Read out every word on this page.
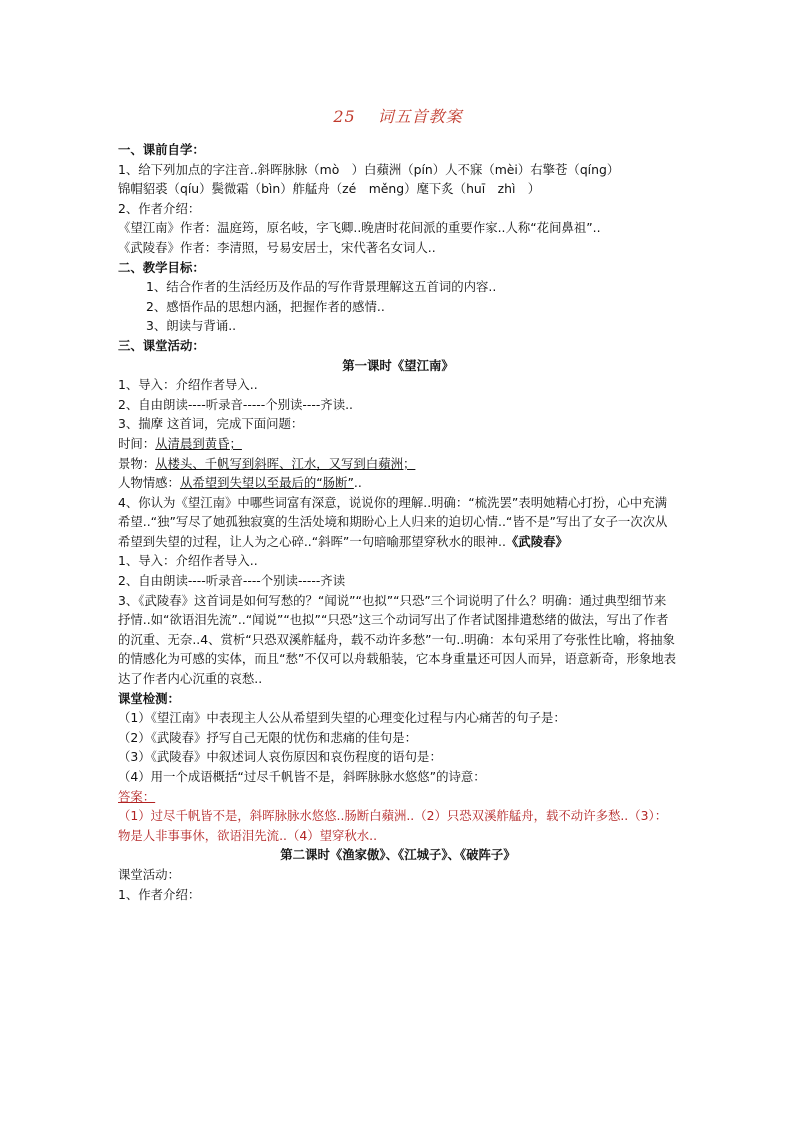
25 词五首教案

一、课前自学：

1、给下列加点的字注音..斜晖脉脉（mò　）白蘋洲（pín）人不寐（mèi）右擎苍（qíng）

锦帽貂裘（qíu）鬓微霜（bìn）舴艋舟（zé　měng）麾下炙（huī　zhì　）

2、作者介绍：

《望江南》作者：温庭筠，原名岐，字飞卿..晚唐时花间派的重要作家..人称“花间鼻祖”..

《武陵春》作者：李清照，号易安居士，宋代著名女词人..

二、教学目标：

1、结合作者的生活经历及作品的写作背景理解这五首词的内容..

2、感悟作品的思想内涵，把握作者的感情..

3、朗读与背诵..

三、课堂活动：

第一课时《望江南》

1、导入：介绍作者导入..

2、自由朗读----听录音-----个别读----齐读..

3、揣摩 这首词，完成下面问题：

时间：从清晨到黄昏；

景物：从楼头、千帆写到斜晖、江水，又写到白蘋洲；

人物情感：从希望到失望以至最后的“肠断”..

4、你认为《望江南》中哪些词富有深意，说说你的理解..明确：“梳洗罢”表明她精心打扮，心中充满希望..“独”写尽了她孤独寂寞的生活处境和期盼心上人归来的迫切心情..“皆不是”写出了女子一次次从希望到失望的过程，让人为之心碎..“斜晖”一句暗喻那望穿秋水的眼神..《武陵春》

1、导入：介绍作者导入..

2、自由朗读----听录音----个别读-----齐读

3、《武陵春》这首词是如何写愁的？“闻说”“也拟”“只恐”三个词说明了什么？明确：通过典型细节来抒情..如“欲语泪先流”..“闻说”“也拟”“只恐”这三个动词写出了作者试图排遣愁绪的做法，写出了作者的沉重、无奈..4、赏析“只恐双溪舴艋舟，载不动许多愁”一句..明确：本句采用了夸张性比喻，将抽象的情感化为可感的实体，而且“愁”不仅可以舟载船装，它本身重量还可因人而异，语意新奇，形象地表达了作者内心沉重的哀愁..

课堂检测：

（1）《望江南》中表现主人公从希望到失望的心理变化过程与内心痛苦的句子是：

（2）《武陵春》抒写自己无限的忧伤和悲痛的佳句是：

（3）《武陵春》中叙述词人哀伤原因和哀伤程度的语句是：

（4）用一个成语概括“过尽千帆皆不是，斜晖脉脉水悠悠”的诗意：

答案：

（1）过尽千帆皆不是，斜晖脉脉水悠悠..肠断白蘋洲..（2）只恐双溪舴艋舟，载不动许多愁..（3）：物是人非事事休，欲语泪先流..（4）望穿秋水..

第二课时《渔家傲》、《江城子》、《破阵子》

课堂活动：

1、作者介绍：
